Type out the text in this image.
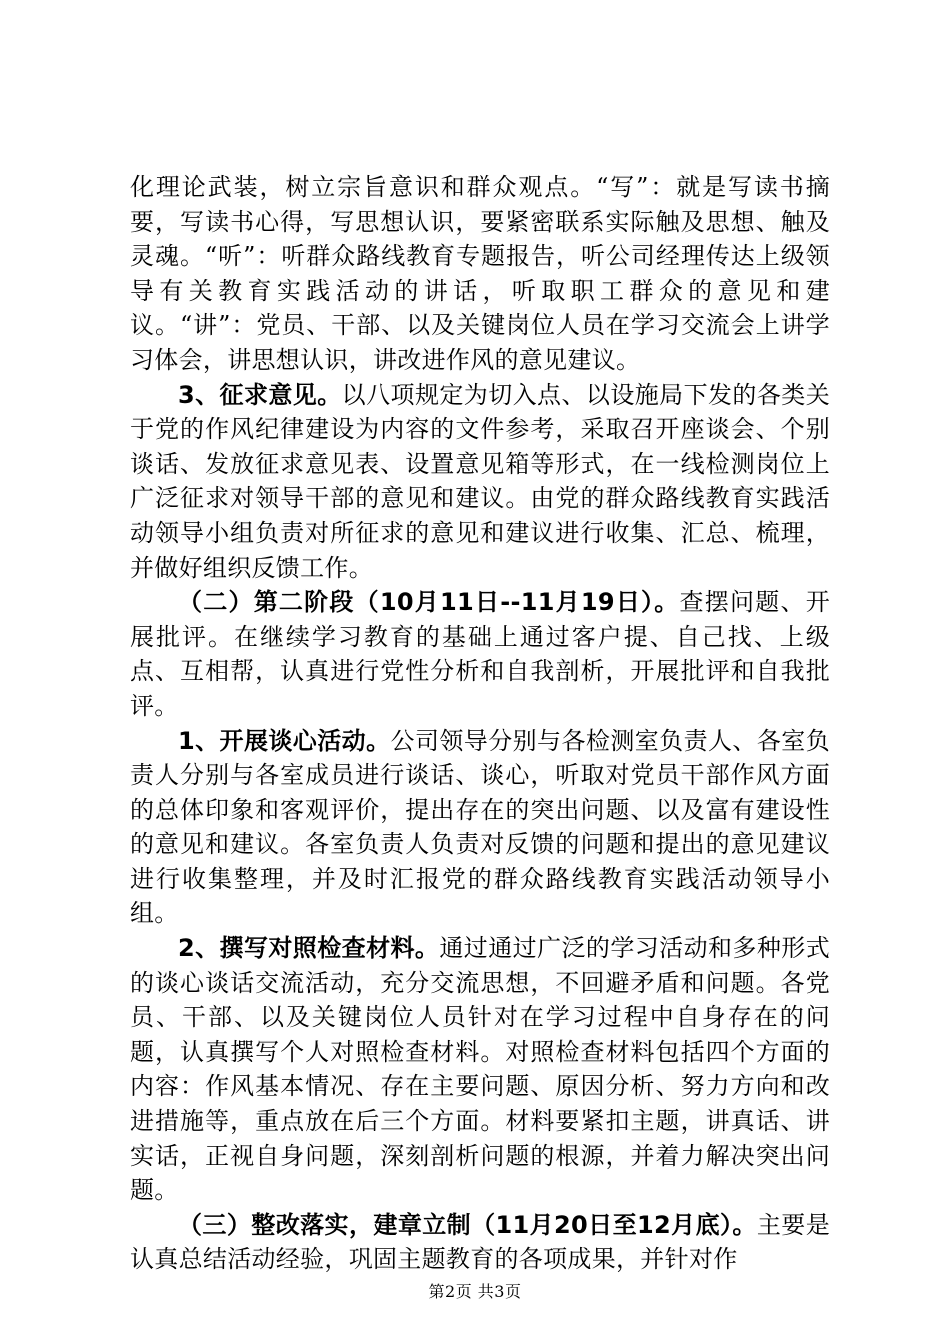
化理论武装，树立宗旨意识和群众观点。“写”：就是写读书摘要，写读书心得，写思想认识，要紧密联系实际触及思想、触及灵魂。“听”：听群众路线教育专题报告，听公司经理传达上级领导有关教育实践活动的讲话，听取职工群众的意见和建议。“讲”：党员、干部、以及关键岗位人员在学习交流会上讲学习体会，讲思想认识，讲改进作风的意见建议。

3、征求意见。以八项规定为切入点、以设施局下发的各类关于党的作风纪律建设为内容的文件参考，采取召开座谈会、个别谈话、发放征求意见表、设置意见箱等形式，在一线检测岗位上广泛征求对领导干部的意见和建议。由党的群众路线教育实践活动领导小组负责对所征求的意见和建议进行收集、汇总、梳理，并做好组织反馈工作。

（二）第二阶段（10月11日--11月19日）。查摆问题、开展批评。在继续学习教育的基础上通过客户提、自己找、上级点、互相帮，认真进行党性分析和自我剖析，开展批评和自我批评。

1、开展谈心活动。公司领导分别与各检测室负责人、各室负责人分别与各室成员进行谈话、谈心，听取对党员干部作风方面的总体印象和客观评价，提出存在的突出问题、以及富有建设性的意见和建议。各室负责人负责对反馈的问题和提出的意见建议进行收集整理，并及时汇报党的群众路线教育实践活动领导小组。

2、撰写对照检查材料。通过通过广泛的学习活动和多种形式的谈心谈话交流活动，充分交流思想，不回避矛盾和问题。各党员、干部、以及关键岗位人员针对在学习过程中自身存在的问题，认真撰写个人对照检查材料。对照检查材料包括四个方面的内容：作风基本情况、存在主要问题、原因分析、努力方向和改进措施等，重点放在后三个方面。材料要紧扣主题，讲真话、讲实话，正视自身问题，深刻剖析问题的根源，并着力解决突出问题。

（三）整改落实，建章立制（11月20日至12月底）。主要是认真总结活动经验，巩固主题教育的各项成果，并针对作

第2页 共3页
